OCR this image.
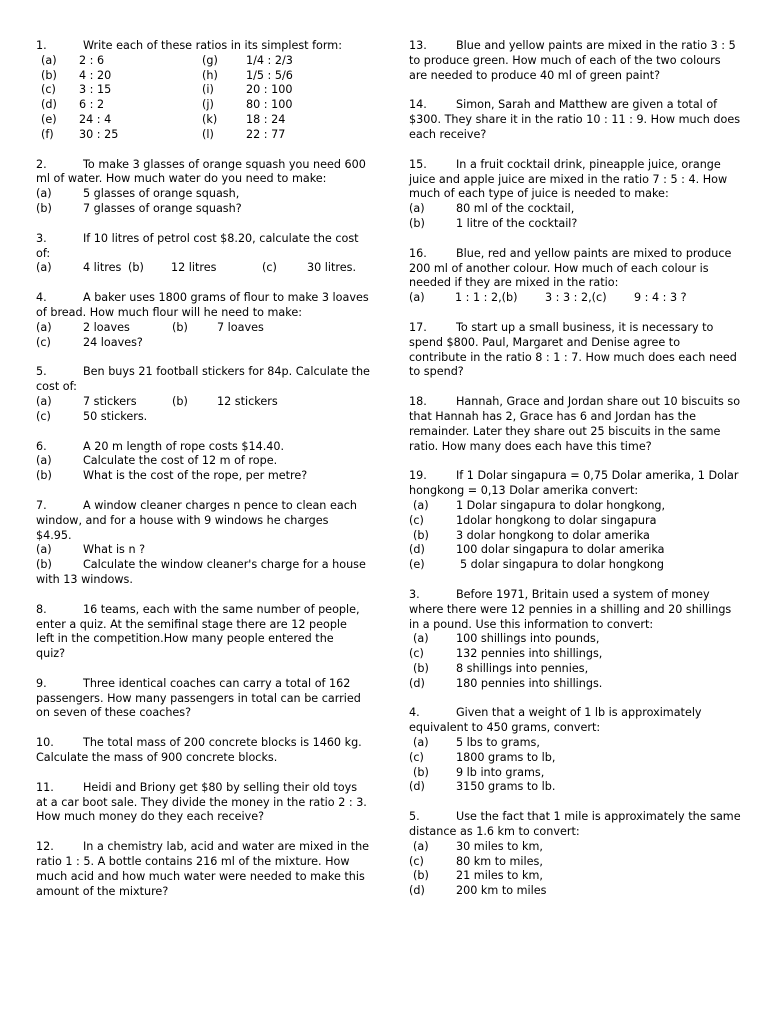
1.	Write each of these ratios in its simplest form:
(a) 2 : 6	(g)	1/4 : 2/3
(b) 4 : 20	(h)	1/5 : 5/6
(c) 3 : 15	(i)	20 : 100
(d) 6 : 2	(j)	80 : 100
(e) 24 : 4	(k)	18 : 24
(f) 30 : 25	(l)	22 : 77
2.	To make 3 glasses of orange squash you need 600
ml of water. How much water do you need to make:
(a)	5 glasses of orange squash,
(b)	7 glasses of orange squash?
3.	If 10 litres of petrol cost $8.20, calculate the cost
of:
(a)	4 litres (b) 12 litres	(c)	30 litres.
4.	A baker uses 1800 grams of flour to make 3 loaves
of bread. How much flour will he need to make:
(a)	2 loaves	(b)	7 loaves
(c)	24 loaves?
5.	Ben buys 21 football stickers for 84p. Calculate the
cost of:
(a)	7 stickers	(b)	12 stickers
(c)	50 stickers.
6.	A 20 m length of rope costs $14.40.
(a)	Calculate the cost of 12 m of rope.
(b)	What is the cost of the rope, per metre?
7.	A window cleaner charges n pence to clean each
window, and for a house with 9 windows he charges
$4.95.
(a)	What is n ?
(b)	Calculate the window cleaner's charge for a house
with 13 windows.
8.	16 teams, each with the same number of people,
enter a quiz. At the semifinal stage there are 12 people
left in the competition.How many people entered the
quiz?
9.	Three identical coaches can carry a total of 162
passengers. How many passengers in total can be carried
on seven of these coaches?
10.	The total mass of 200 concrete blocks is 1460 kg.
Calculate the mass of 900 concrete blocks.
11.	Heidi and Briony get $80 by selling their old toys
at a car boot sale. They divide the money in the ratio 2 : 3.
How much money do they each receive?
12.	In a chemistry lab, acid and water are mixed in the
ratio 1 : 5. A bottle contains 216 ml of the mixture. How
much acid and how much water were needed to make this
amount of the mixture?
13.	Blue and yellow paints are mixed in the ratio 3 : 5
to produce green. How much of each of the two colours
are needed to produce 40 ml of green paint?
14.	Simon, Sarah and Matthew are given a total of
$300. They share it in the ratio 10 : 11 : 9. How much does
each receive?
15.	In a fruit cocktail drink, pineapple juice, orange
juice and apple juice are mixed in the ratio 7 : 5 : 4. How
much of each type of juice is needed to make:
(a)	80 ml of the cocktail,
(b)	1 litre of the cocktail?
16.	Blue, red and yellow paints are mixed to produce
200 ml of another colour. How much of each colour is
needed if they are mixed in the ratio:
(a)	1 : 1 : 2,(b) 3 : 3 : 2,(c) 9 : 4 : 3 ?
17.	To start up a small business, it is necessary to
spend $800. Paul, Margaret and Denise agree to
contribute in the ratio 8 : 1 : 7. How much does each need
to spend?
18.	Hannah, Grace and Jordan share out 10 biscuits so
that Hannah has 2, Grace has 6 and Jordan has the
remainder. Later they share out 25 biscuits in the same
ratio. How many does each have this time?
19.	If 1 Dolar singapura = 0,75 Dolar amerika, 1 Dolar
hongkong = 0,13 Dolar amerika convert:
(a) 1 Dolar singapura to dolar hongkong,
(c)	1dolar hongkong to dolar singapura
(b) 3 dolar hongkong to dolar amerika
(d)	100 dolar singapura to dolar amerika
(e)	5 dolar singapura to dolar hongkong
3.	Before 1971, Britain used a system of money
where there were 12 pennies in a shilling and 20 shillings
in a pound. Use this information to convert:
(a) 100 shillings into pounds,
(c)	132 pennies into shillings,
(b) 8 shillings into pennies,
(d)	180 pennies into shillings.
4.	Given that a weight of 1 lb is approximately
equivalent to 450 grams, convert:
(a) 5 lbs to grams,
(c)	1800 grams to lb,
(b) 9 lb into grams,
(d)	3150 grams to lb.
5.	Use the fact that 1 mile is approximately the same
distance as 1.6 km to convert:
(a) 30 miles to km,
(c)	80 km to miles,
(b) 21 miles to km,
(d)	200 km to miles
